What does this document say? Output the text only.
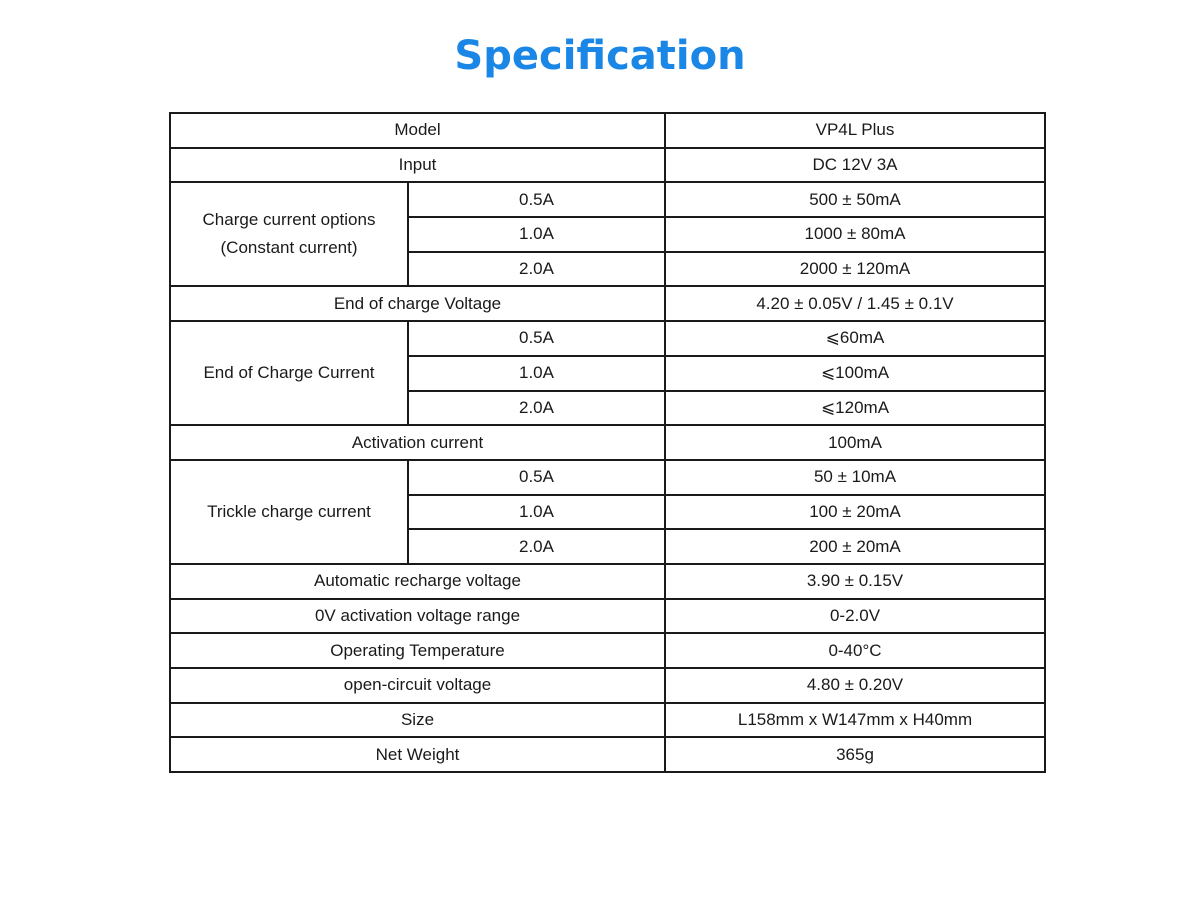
Specification
Model		VP4L Plus
Input		DC 12V 3A

Charge current options
(Constant current)	0.5A	500 ± 50mA
	1.0A	1000 ± 80mA
	2.0A	2000 ± 120mA
End of charge Voltage		4.20 ± 0.05V / 1.45 ± 0.1V
End of Charge Current	0.5A	⩽60mA
	1.0A	⩽100mA
	2.0A	⩽120mA
Activation current		100mA
Trickle charge current	0.5A	50 ± 10mA
	1.0A	100 ± 20mA
	2.0A	200 ± 20mA
Automatic recharge voltage		3.90 ± 0.15V
0V activation voltage range		0-2.0V
Operating Temperature		0-40°C
open-circuit voltage		4.80 ± 0.20V
Size		L158mm x W147mm x H40mm
Net Weight		365g
